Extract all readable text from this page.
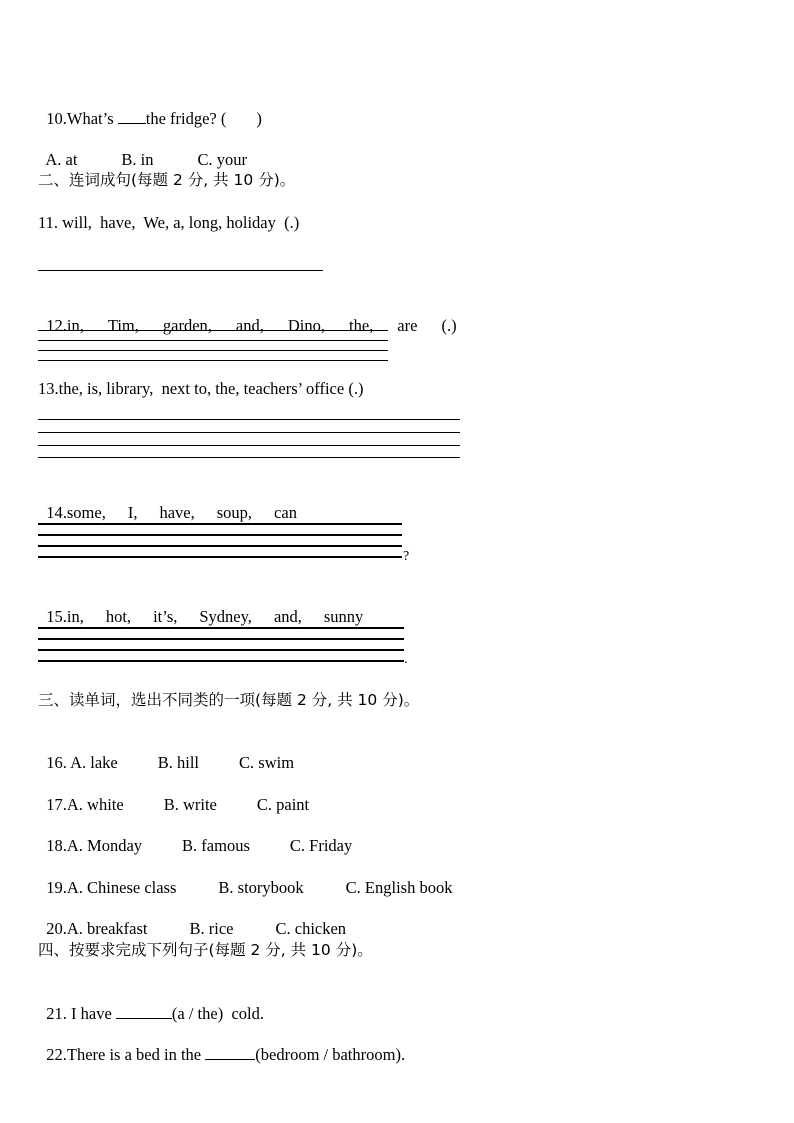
10.What’s the fridge? ( )

A. at	B. in	C. your

二、连词成句(每题 2 分, 共 10 分)。
11. will,  have,  We, a, long, holiday  (.)

12.in, Tim, garden, and, Dino, the, are (.)

13.the, is, library,  next to, the, teachers’ office (.)

14.some, I, have, soup, can

?

15.in, hot, it’s, Sydney, and, sunny

.
三、读单词，选出不同类的一项(每题 2 分, 共 10 分)。

16. A. lake B. hill C. swim

17.A. white B. write C. paint

18.A. Monday B. famous C. Friday

19.A. Chinese class	B. storybook	C. English book

20.A. breakfast	B. rice	C. chicken

四、按要求完成下列句子(每题 2 分, 共 10 分)。

21. I have	(a / the)  cold.

22.There is a bed in the	(bedroom / bathroom).
